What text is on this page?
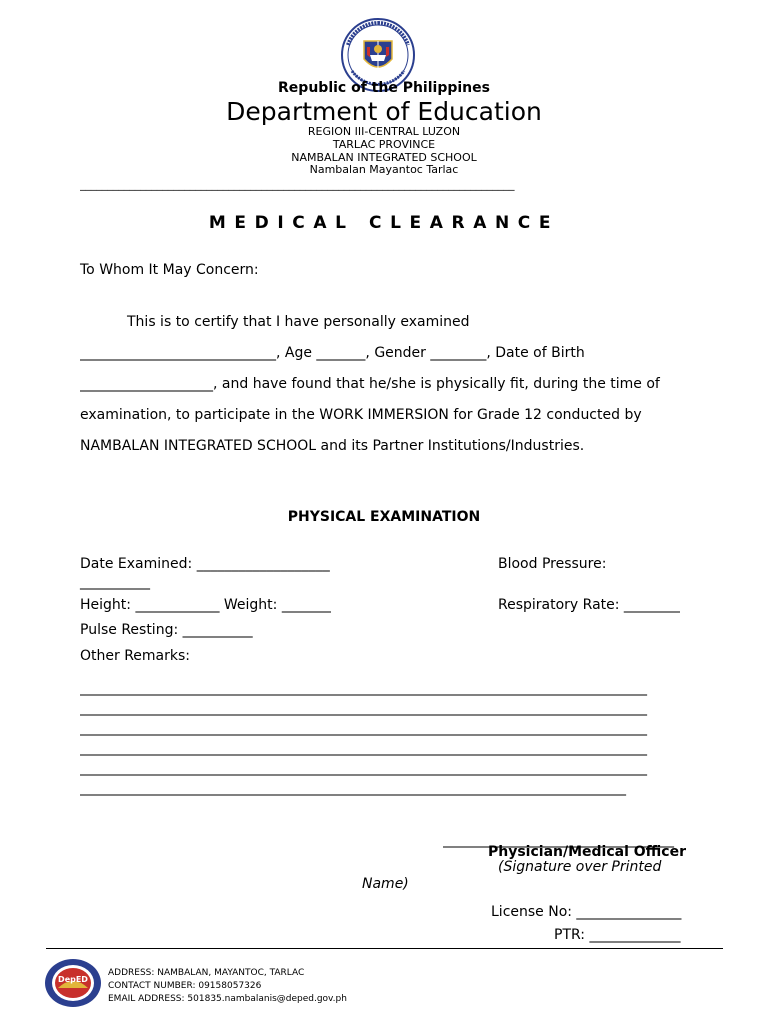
Republic of the Philippines
Department of Education
REGION III-CENTRAL LUZON
TARLAC PROVINCE
NAMBALAN INTEGRATED SCHOOL
Nambalan Mayantoc Tarlac
_______________________________________________________________________________
MEDICAL CLEARANCE
To Whom It May Concern:
This is to certify that I have personally examined
____________________________, Age _______, Gender ________, Date of Birth
___________________, and have found that he/she is physically fit, during the time of
examination, to participate in the WORK IMMERSION for Grade 12 conducted by
NAMBALAN INTEGRATED SCHOOL and its Partner Institutions/Industries.
PHYSICAL EXAMINATION
Date Examined: ___________________
__________
Blood Pressure:
Height: ____________ Weight: _______	Respiratory Rate: ________
Pulse Resting: __________
Other Remarks:
_________________________________________________________________________________
_________________________________________________________________________________
_________________________________________________________________________________
_________________________________________________________________________________
_________________________________________________________________________________
______________________________________________________________________________
_________________________________
Physician/Medical Officer
(Signature over Printed
Name)
License No: _______________
PTR: _____________
DepED
ADDRESS: NAMBALAN, MAYANTOC, TARLAC
CONTACT NUMBER: 09158057326
EMAIL ADDRESS: 501835.nambalanis@deped.gov.ph
